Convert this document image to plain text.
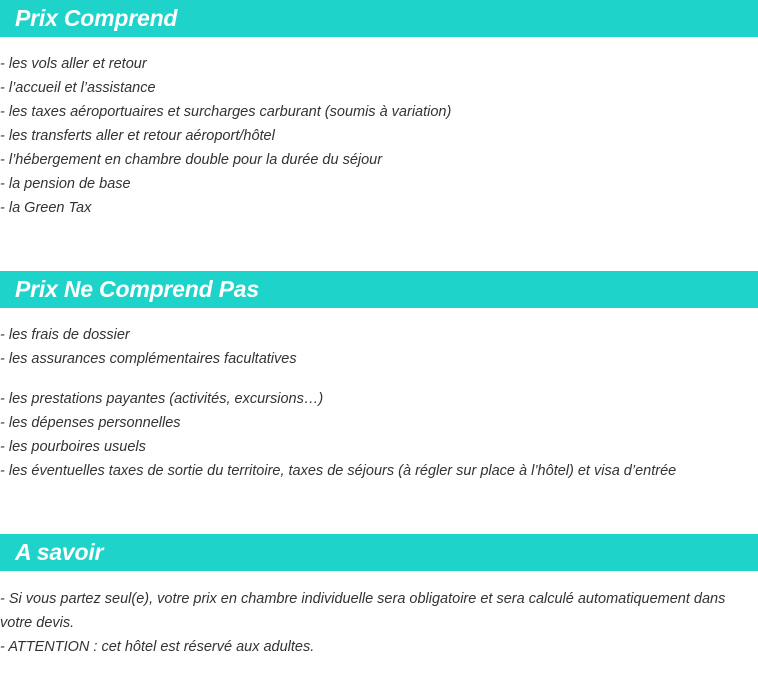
Prix Comprend
- les vols aller et retour
- l’accueil et l’assistance
- les taxes aéroportuaires et surcharges carburant (soumis à variation)
- les transferts aller et retour aéroport/hôtel
- l’hébergement en chambre double pour la durée du séjour
- la pension de base
- la Green Tax
Prix Ne Comprend Pas
- les frais de dossier
- les assurances complémentaires facultatives
- les prestations payantes (activités, excursions…)
- les dépenses personnelles
- les pourboires usuels
- les éventuelles taxes de sortie du territoire, taxes de séjours (à régler sur place à l’hôtel) et visa d’entrée
A savoir

- Si vous partez seul(e), votre prix en chambre individuelle sera obligatoire et sera calculé automatiquement dans votre devis.

- ATTENTION : cet hôtel est réservé aux adultes.
